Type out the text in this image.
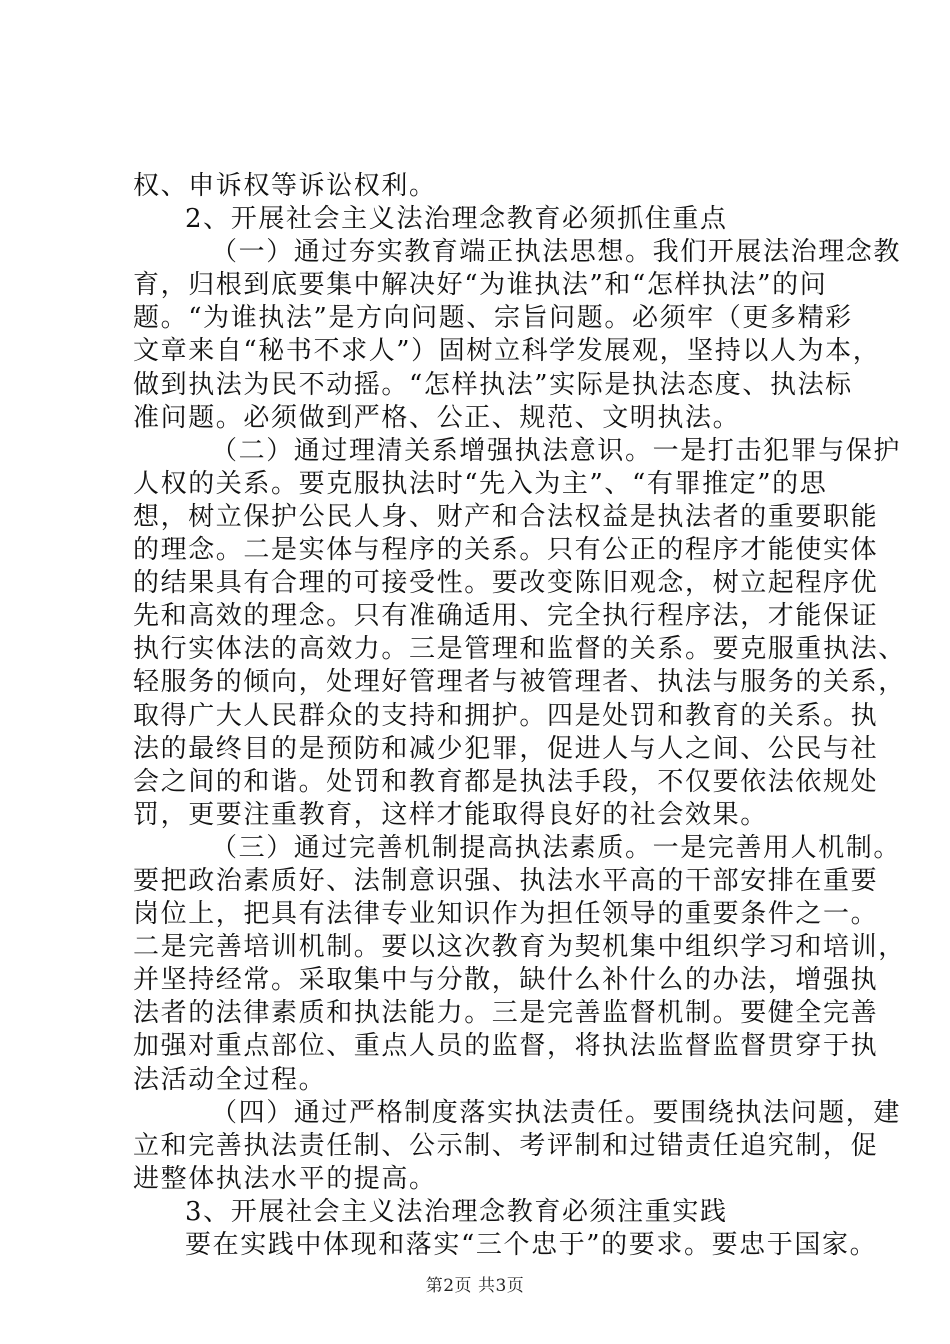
权、申诉权等诉讼权利。
2、开展社会主义法治理念教育必须抓住重点
（一）通过夯实教育端正执法思想。我们开展法治理念教
育，归根到底要集中解决好“为谁执法”和“怎样执法”的问
题。“为谁执法”是方向问题、宗旨问题。必须牢（更多精彩
文章来自“秘书不求人”）固树立科学发展观，坚持以人为本，
做到执法为民不动摇。“怎样执法”实际是执法态度、执法标
准问题。必须做到严格、公正、规范、文明执法。
（二）通过理清关系增强执法意识。一是打击犯罪与保护
人权的关系。要克服执法时“先入为主”、“有罪推定”的思
想，树立保护公民人身、财产和合法权益是执法者的重要职能
的理念。二是实体与程序的关系。只有公正的程序才能使实体
的结果具有合理的可接受性。要改变陈旧观念，树立起程序优
先和高效的理念。只有准确适用、完全执行程序法，才能保证
执行实体法的高效力。三是管理和监督的关系。要克服重执法、
轻服务的倾向，处理好管理者与被管理者、执法与服务的关系，
取得广大人民群众的支持和拥护。四是处罚和教育的关系。执
法的最终目的是预防和减少犯罪，促进人与人之间、公民与社
会之间的和谐。处罚和教育都是执法手段，不仅要依法依规处
罚，更要注重教育，这样才能取得良好的社会效果。
（三）通过完善机制提高执法素质。一是完善用人机制。
要把政治素质好、法制意识强、执法水平高的干部安排在重要
岗位上，把具有法律专业知识作为担任领导的重要条件之一。
二是完善培训机制。要以这次教育为契机集中组织学习和培训，
并坚持经常。采取集中与分散，缺什么补什么的办法，增强执
法者的法律素质和执法能力。三是完善监督机制。要健全完善
加强对重点部位、重点人员的监督，将执法监督监督贯穿于执
法活动全过程。
（四）通过严格制度落实执法责任。要围绕执法问题，建
立和完善执法责任制、公示制、考评制和过错责任追究制，促
进整体执法水平的提高。
3、开展社会主义法治理念教育必须注重实践
要在实践中体现和落实“三个忠于”的要求。要忠于国家。
第2页 共3页
